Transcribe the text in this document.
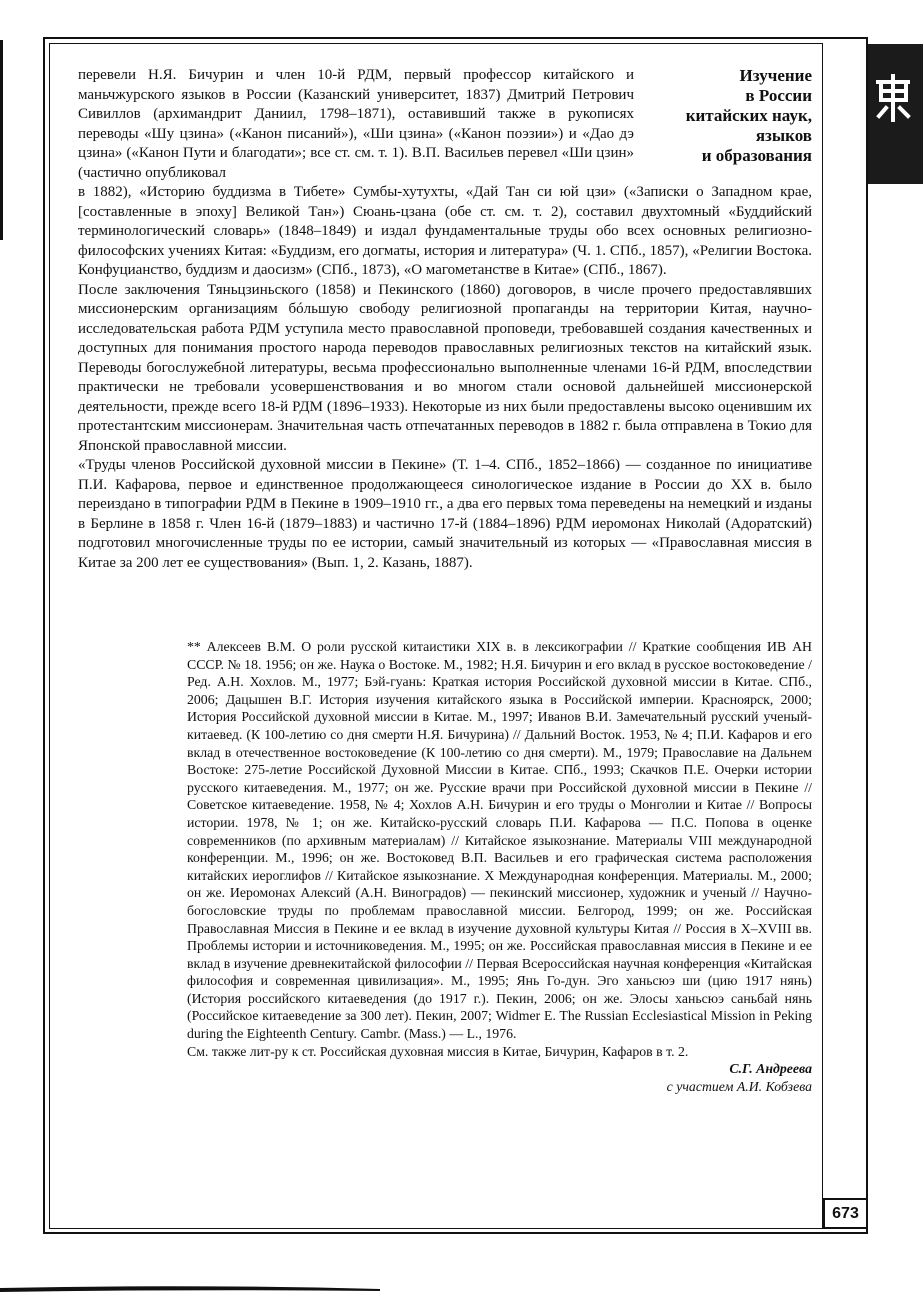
Изучение
в России
китайских наук,
языков
и образования

перевели Н.Я. Бичурин и член 10-й РДМ, первый профессор китайского и маньчжурского языков в России (Казанский университет, 1837) Дмитрий Петрович Сивиллов (архимандрит Даниил, 1798–1871), оставивший также в рукописях переводы «Шу цзина» («Канон писаний»), «Ши цзина» («Канон поэзии») и «Дао дэ цзина» («Канон Пути и благодати»; все ст. см. т. 1). В.П. Васильев перевел «Ши цзин» (частично опубликовал

в 1882), «Историю буддизма в Тибете» Сумбы-хутухты, «Дай Тан си юй цзи» («Записки о Западном крае, [составленные в эпоху] Великой Тан») Сюань-цзана (обе ст. см. т. 2), составил двухтомный «Буддийский терминологический словарь» (1848–1849) и издал фундаментальные труды обо всех основных религиозно-философских учениях Китая: «Буддизм, его догматы, история и литература» (Ч. 1. СПб., 1857), «Религии Востока. Конфуцианство, буддизм и даосизм» (СПб., 1873), «О магометанстве в Китае» (СПб., 1867).

После заключения Тяньцзиньского (1858) и Пекинского (1860) договоров, в числе прочего предоставлявших миссионерским организациям бóльшую свободу религиозной пропаганды на территории Китая, научно-исследовательская работа РДМ уступила место православной проповеди, требовавшей создания качественных и доступных для понимания простого народа переводов православных религиозных текстов на китайский язык. Переводы богослужебной литературы, весьма профессионально выполненные членами 16-й РДМ, впоследствии практически не требовали усовершенствования и во многом стали основой дальнейшей миссионерской деятельности, прежде всего 18-й РДМ (1896–1933). Некоторые из них были предоставлены высоко оценившим их протестантским миссионерам. Значительная часть отпечатанных переводов в 1882 г. была отправлена в Токио для Японской православной миссии.

«Труды членов Российской духовной миссии в Пекине» (Т. 1–4. СПб., 1852–1866) — созданное по инициативе П.И. Кафарова, первое и единственное продолжающееся синологическое издание в России до XX в. было переиздано в типографии РДМ в Пекине в 1909–1910 гг., а два его первых тома переведены на немецкий и изданы в Берлине в 1858 г. Член 16-й (1879–1883) и частично 17-й (1884–1896) РДМ иеромонах Николай (Адоратский) подготовил многочисленные труды по ее истории, самый значительный из которых — «Православная миссия в Китае за 200 лет ее существования» (Вып. 1, 2. Казань, 1887).

** Алексеев В.М. О роли русской китаистики XIX в. в лексикографии // Краткие сообщения ИВ АН СССР. № 18. 1956; он же. Наука о Востоке. М., 1982; Н.Я. Бичурин и его вклад в русское востоковедение / Ред. А.Н. Хохлов. М., 1977; Бэй-гуань: Краткая история Российской духовной миссии в Китае. СПб., 2006; Дацышен В.Г. История изучения китайского языка в Российской империи. Красноярск, 2000; История Российской духовной миссии в Китае. М., 1997; Иванов В.И. Замечательный русский ученый-китаевед. (К 100-летию со дня смерти Н.Я. Бичурина) // Дальний Восток. 1953, № 4; П.И. Кафаров и его вклад в отечественное востоковедение (К 100-летию со дня смерти). М., 1979; Православие на Дальнем Востоке: 275-летие Российской Духовной Миссии в Китае. СПб., 1993; Скачков П.Е. Очерки истории русского китаеведения. М., 1977; он же. Русские врачи при Российской духовной миссии в Пекине // Советское китаеведение. 1958, № 4; Хохлов А.Н. Бичурин и его труды о Монголии и Китае // Вопросы истории. 1978, № 1; он же. Китайско-русский словарь П.И. Кафарова — П.С. Попова в оценке современников (по архивным материалам) // Китайское языкознание. Материалы VIII международной конференции. М., 1996; он же. Востоковед В.П. Васильев и его графическая система расположения китайских иероглифов // Китайское языкознание. X Международная конференция. Материалы. М., 2000; он же. Иеромонах Алексий (А.Н. Виноградов) — пекинский миссионер, художник и ученый // Научно-богословские труды по проблемам православной миссии. Белгород, 1999; он же. Российская Православная Миссия в Пекине и ее вклад в изучение духовной культуры Китая // Россия в X–XVIII вв. Проблемы истории и источниковедения. М., 1995; он же. Российская православная миссия в Пекине и ее вклад в изучение древнекитайской философии // Первая Всероссийская научная конференция «Китайская философия и современная цивилизация». М., 1995; Янь Го-дун. Эго ханьсюэ ши (цию 1917 нянь) (История российского китаеведения (до 1917 г.). Пекин, 2006; он же. Элосы ханьсюэ саньбай нянь (Российское китаеведение за 300 лет). Пекин, 2007; Widmer E. The Russian Ecclesiastical Mission in Peking during the Eighteenth Century. Cambr. (Mass.) — L., 1976.

См. также лит-ру к ст. Российская духовная миссия в Китае, Бичурин, Кафаров в т. 2.

С.Г. Андреева

с участием А.И. Кобзева

673
